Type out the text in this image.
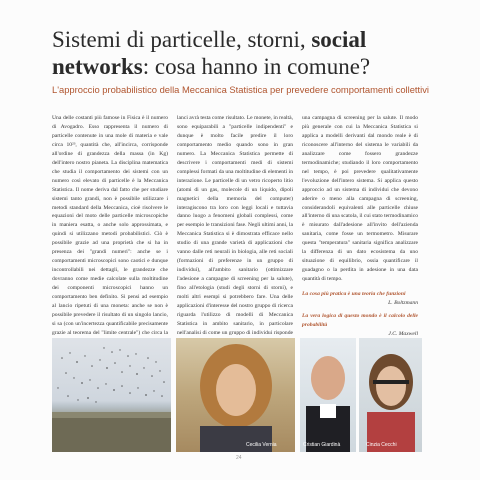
Sistemi di particelle, storni, social
networks: cosa hanno in comune?
L'approccio probabilistico della Meccanica Statistica per prevedere comportamenti collettivi

Una delle costanti più famose in Fisica è il numero di Avogadro. Esso rappresenta il numero di particelle contenute in una mole di materia e vale circa 10²³, quantità che, all'incirca, corrisponde all'ordine di grandezza della massa (in Kg) dell'intero nostro pianeta. La disciplina matematica che studia il comportamento dei sistemi con un numero così elevato di particelle è la Meccanica Statistica. Il nome deriva dal fatto che per studiare sistemi tanto grandi, non è possibile utilizzare i metodi standard della Meccanica, cioè risolvere le equazioni del moto delle particelle microscopiche in maniera esatta, o anche solo approssimata, e quindi si utilizzano metodi probabilistici. Ciò è possibile grazie ad una proprietà che si ha in presenza dei "grandi numeri": anche se i comportamenti microscopici sono caotici e dunque incontrollabili nei dettagli, le grandezze che dovranno come medie calcolate sulla moltitudine dei componenti microscopici hanno un comportamento ben definito. Si pensi ad esempio al lancio ripetuti di una moneta: anche se non è possibile prevedere il risultato di un singolo lancio, si sa (con un'incertezza quantificabile precisamente grazie al teorema del "limite centrale") che circa la

lanci avrà testa come risultato. Le monete, in realtà, sono equiparabili a "particelle indipendenti" e dunque è molto facile predire il loro comportamento medio quando sono in gran numero. La Meccanica Statistica permette di descrivere i comportamenti medi di sistemi complessi formati da una moltitudine di elementi in interazione. Le particelle di un vetro ricoperto litio (atomi di un gas, molecole di un liquido, dipoli magnetici della memoria del computer) interagiscono tra loro con leggi locali e tuttavia danno luogo a fenomeni globali complessi, come per esempio le transizioni fase. Negli ultimi anni, la Meccanica Statistica si è dimostrata efficace nello studio di una grande varietà di applicazioni che vanno dalle reti neurali in biologia, alle reti sociali (formazioni di preferenze in un gruppo di individui), all'ambito sanitario (ottimizzare l'adesione a campagne di screening per la salute), fino all'etologia (studi degli storni di storni), e molti altri esempi si potrebbero fare. Una delle applicazioni d'interesse del nostro gruppo di ricerca riguarda l'utilizzo di modelli di Meccanica Statistica in ambito sanitario, in particolare nell'analisi di come un gruppo di individui risponde

una campagna di screening per la salute. Il modo più generale con cui la Meccanica Statistica si applica a modelli derivanti dal mondo reale è di riconoscere all'interno del sistema le variabili da analizzare come fossero grandezze termodinamiche; studiando il loro comportamento nel tempo, è poi prevedere qualitativamente l'evoluzione dell'intero sistema. Si applica questo approccio ad un sistema di individui che devono aderire o meno alla campagna di screening, considerandoli equivalenti alle particelle chiuse all'interno di una scatola, il cui stato termodinamico è misurato dall'adesione all'invito dell'azienda sanitaria, come fosse un termometro. Misurare questa "temperatura" sanitaria significa analizzare la differenza di un dato ecosistema da uno situazione di equilibrio, ossia quantificare il guadagno o la perdita in adesione in una data quantità di tempo.

La cosa più pratica è una teoria che funzioni

L. Boltzmann

La vera logica di questo mondo è il calcolo delle probabilità

J.C. Maxwell

Cecilia Vernia	Cristian Giardinà	Cinzia Cecchi
24
